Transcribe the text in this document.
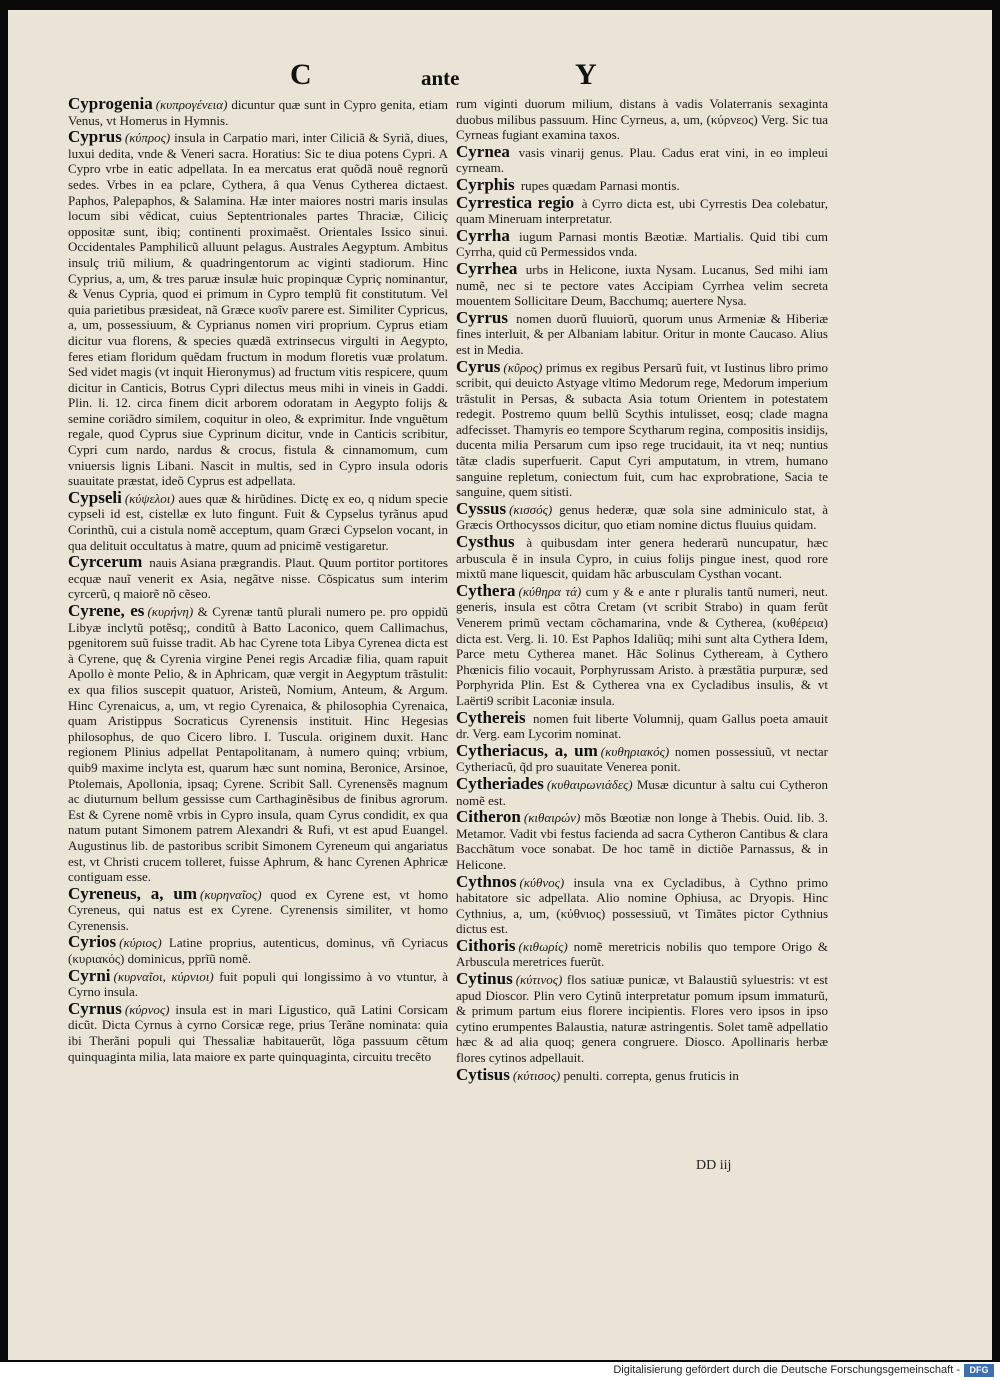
C	ante	Y
Cyprogenia (κυπρογένεια) dicuntur quæ sunt in Cypro genita, etiam Venus, vt Homerus in Hymnis.
Cyprus (κύπρος) insula in Carpatio mari, inter Ciliciã & Syriã, diues, luxui dedita, vnde & Veneri sacra. Horatius: Sic te diua potens Cypri. A Cypro vrbe in eatic adpellata. In ea mercatus erat quõdã nouẽ regnorũ sedes. Vrbes in ea pclare, Cythera, â qua Venus Cytherea dictaest. Paphos, Palepaphos, & Salamina. Hæ inter maiores nostri maris insulas locum sibi vẽdicat, cuius Septentrionales partes Thraciæ, Ciliciç oppositæ sunt, ibiq; continenti proximaẽst. Orientales Issico sinui. Occidentales Pamphilicũ alluunt pelagus. Australes Aegyptum. Ambitus insulç triũ milium, & quadringentorum ac viginti stadiorum. Hinc Cyprius, a, um, & tres paruæ insulæ huic propinquæ Cypriç nominantur, & Venus Cypria, quod ei primum in Cypro templũ fit constitutum. Vel quia parietibus præsideat, nã Græce κυσῖν parere est. Similiter Cypricus, a, um, possessiuum, & Cyprianus nomen viri proprium. Cyprus etiam dicitur vua florens, & species quædã extrinsecus virgulti in Aegypto, feres etiam floridum quẽdam fructum in modum floretis vuæ prolatum. Sed videt magis (vt inquit Hieronymus) ad fructum vitis respicere, quum dicitur in Canticis, Botrus Cypri dilectus meus mihi in vineis in Gaddi. Plin. li. 12. circa finem dicit arborem odoratam in Aegypto folijs & semine coriãdro similem, coquitur in oleo, & exprimitur. Inde vnguẽtum regale, quod Cyprus siue Cyprinum dicitur, vnde in Canticis scribitur, Cypri cum nardo, nardus & crocus, fistula & cinnamomum, cum vniuersis lignis Libani. Nascit in multis, sed in Cypro insula odoris suauitate præstat, ideõ Cyprus est adpellata.
Cypseli (κύψελοι) aues quæ & hirũdines. Dictę ex eo, q nidum specie cypseli id est, cistellæ ex luto fingunt. Fuit & Cypselus tyrãnus apud Corinthũ, cui a cistula nomẽ acceptum, quam Græci Cypselon vocant, in qua delituit occultatus à matre, quum ad pnicimẽ vestigaretur.
Cyrcerum nauis Asiana prægrandis. Plaut. Quum portitor portitores ecquæ nauĩ venerit ex Asia, negãtve nisse. Cõspicatus sum interim cyrcerũ, q maiorẽ nõ cẽseo.
Cyrene, es (κυρήνη) & Cyrenæ tantũ plurali numero pe. pro oppidũ Libyæ inclytũ potẽsq;, conditũ à Batto Laconico, quem Callimachus, pgenitorem suũ fuisse tradit. Ab hac Cyrene tota Libya Cyrenea dicta est à Cyrene, quę & Cyrenia virgine Penei regis Arcadiæ filia, quam rapuit Apollo è monte Pelio, & in Aphricam, quæ vergit in Aegyptum trãstulit: ex qua filios suscepit quatuor, Aristeũ, Nomium, Anteum, & Argum. Hinc Cyrenaicus, a, um, vt regio Cyrenaica, & philosophia Cyrenaica, quam Aristippus Socraticus Cyrenensis instituit. Hinc Hegesias philosophus, de quo Cicero libro. I. Tuscula. originem duxit. Hanc regionem Plinius adpellat Pentapolitanam, à numero quinq; vrbium, quib9 maxime inclyta est, quarum hæc sunt nomina, Beronice, Arsinoe, Ptolemais, Apollonia, ipsaq; Cyrene. Scribit Sall. Cyrenensẽs magnum ac diuturnum bellum gessisse cum Carthaginẽsibus de finibus agrorum. Est & Cyrene nomẽ vrbis in Cypro insula, quam Cyrus condidit, ex qua natum putant Simonem patrem Alexandri & Rufi, vt est apud Euangel. Augustinus lib. de pastoribus scribit Simonem Cyreneum qui angariatus est, vt Christi crucem tolleret, fuisse Aphrum, & hanc Cyrenen Aphricæ contiguam esse.
Cyreneus, a, um (κυρηναῖος) quod ex Cyrene est, vt homo Cyreneus, qui natus est ex Cyrene. Cyrenensis similiter, vt homo Cyrenensis.
Cyrios (κύριος) Latine proprius, autenticus, dominus, vñ Cyriacus (κυριακός) dominicus, pprĩũ nomẽ.
Cyrni (κυρναῖοι, κύρνιοι) fuit populi qui longissimo à vo vtuntur, à Cyrno insula.
Cyrnus (κύρνος) insula est in mari Ligustico, quã Latini Corsicam dicũt. Dicta Cyrnus à cyrno Corsicæ rege, prius Terãne nominata: quia ibi Therãni populi qui Thessaliæ habitauerũt, lõga passuum cẽtum quinquaginta milia, lata maiore ex parte quinquaginta, circuitu trecẽto
rum viginti duorum milium, distans à vadis Volaterranis sexaginta duobus milibus passuum. Hinc Cyrneus, a, um, (κύρνεος) Verg. Sic tua Cyrneas fugiant examina taxos.
Cyrnea vasis vinarij genus. Plau. Cadus erat vini, in eo impleui cyrneam.
Cyrphis rupes quædam Parnasi montis.
Cyrrestica regio à Cyrro dicta est, ubi Cyrrestis Dea colebatur, quam Mineruam interpretatur.
Cyrrha iugum Parnasi montis Bæotiæ. Martialis. Quid tibi cum Cyrrha, quid cũ Permessidos vnda.
Cyrrhea urbs in Helicone, iuxta Nysam. Lucanus, Sed mihi iam numẽ, nec si te pectore vates Accipiam Cyrrhea velim secreta mouentem Sollicitare Deum, Bacchumq; auertere Nysa.
Cyrrus nomen duorũ fluuiorũ, quorum unus Armeniæ & Hiberiæ fines interluit, & per Albaniam labitur. Oritur in monte Caucaso. Alius est in Media.
Cyrus (κῦρος) primus ex regibus Persarũ fuit, vt Iustinus libro primo scribit, qui deuicto Astyage vltimo Medorum rege, Medorum imperium trãstulit in Persas, & subacta Asia totum Orientem in potestatem redegit. Postremo quum bellũ Scythis intulisset, eosq; clade magna adfecisset. Thamyris eo tempore Scytharum regina, compositis insidijs, ducenta milia Persarum cum ipso rege trucidauit, ita vt neq; nuntius tãtæ cladis superfuerit. Caput Cyri amputatum, in vtrem, humano sanguine repletum, coniectum fuit, cum hac exprobratione, Sacia te sanguine, quem sitisti.
Cyssus (κισσός) genus hederæ, quæ sola sine adminiculo stat, à Græcis Orthocyssos dicitur, quo etiam nomine dictus fluuius quidam.
Cysthus à quibusdam inter genera hederarũ nuncupatur, hæc arbuscula ẽ in insula Cypro, in cuius folijs pingue inest, quod rore mixtũ mane liquescit, quidam hãc arbusculam Cysthan vocant.
Cythera (κύθηρα τά) cum y & e ante r pluralis tantũ numeri, neut. generis, insula est cõtra Cretam (vt scribit Strabo) in quam ferũt Venerem primũ vectam cõchamarina, vnde & Cytherea, (κυθέρεια) dicta est. Verg. li. 10. Est Paphos Idaliũq; mihi sunt alta Cythera Idem, Parce metu Cytherea manet. Hãc Solinus Cytheream, à Cythero Phœnicis filio vocauit, Porphyrussam Aristo. à præstãtia purpuræ, sed Porphyrida Plin. Est & Cytherea vna ex Cycladibus insulis, & vt Laërti9 scribit Laconiæ insula.
Cythereis nomen fuit liberte Volumnij, quam Gallus poeta amauit dr. Verg. eam Lycorim nominat.
Cytheriacus, a, um (κυθηριακός) nomen possessiuũ, vt nectar Cytheriacũ, q̃d pro suauitate Venerea ponit.
Cytheriades (κυθαιρωνιάδες) Musæ dicuntur à saltu cui Cytheron nomẽ est.
Citheron (κιθαιρών) mõs Bœotiæ non longe à Thebis. Ouid. lib. 3. Metamor. Vadit vbi festus facienda ad sacra Cytheron Cantibus & clara Bacchãtum voce sonabat. De hoc tamẽ in dictiõe Parnassus, & in Helicone.
Cythnos (κύθνος) insula vna ex Cycladibus, à Cythno primo habitatore sic adpellata. Alio nomine Ophiusa, ac Dryopis. Hinc Cythnius, a, um, (κύθνιος) possessiuũ, vt Timãtes pictor Cythnius dictus est.
Cithoris (κιθωρίς) nomẽ meretricis nobilis quo tempore Origo & Arbuscula meretrices fuerũt.
Cytinus (κύτινος) flos satiuæ punicæ, vt Balaustiũ syluestris: vt est apud Dioscor. Plin vero Cytinũ interpretatur pomum ipsum immaturũ, & primum partum eius florere incipientis. Flores vero ipsos in ipso cytino erumpentes Balaustia, naturæ astringentis. Solet tamẽ adpellatio hæc & ad alia quoq; genera congruere. Diosco. Apollinaris herbæ flores cytinos adpellauit.
Cytisus (κύτισος) penulti. correpta, genus fruticis in
DD iij
Digitalisierung gefördert durch die Deutsche Forschungsgemeinschaft -	DFG
